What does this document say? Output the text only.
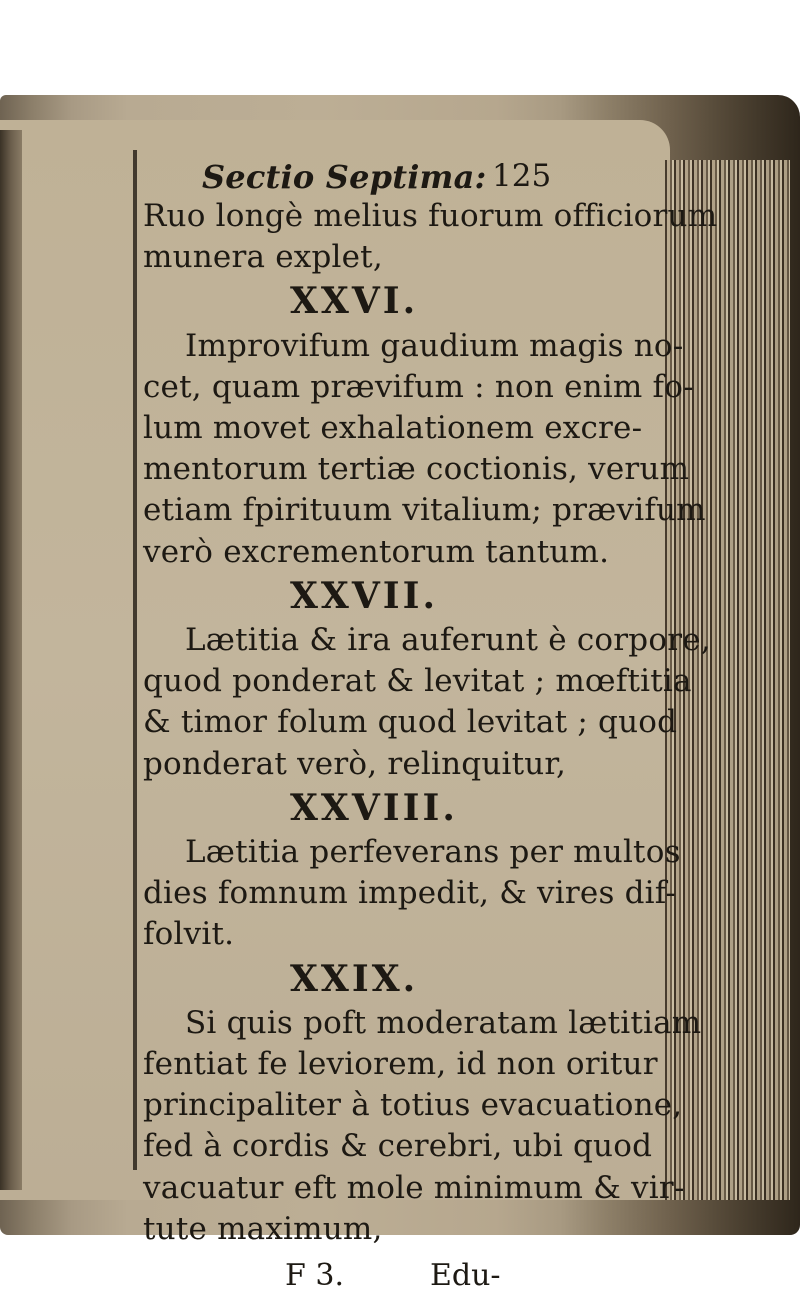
Sectio Septima: 125
Ruo longè melius fuorum officiorum
munera explet,
XXVI.
Improvifum gaudium magis no-
cet, quam prævifum : non enim fo-
lum movet exhalationem excre-
mentorum tertiæ coctionis, verum
etiam fpirituum vitalium; prævifum
verò excrementorum tantum.
XXVII.
Lætitia & ira auferunt è corpore,
quod ponderat & levitat ; mœftitia
& timor folum quod levitat ; quod
ponderat verò, relinquitur,
XXVIII.
Lætitia perfeverans per multos
dies fomnum impedit, & vires dif-
folvit.
XXIX.
Si quis poft moderatam lætitiam
fentiat fe leviorem, id non oritur
principaliter à totius evacuatione,
fed à cordis & cerebri, ubi quod
vacuatur eft mole minimum & vir-
tute maximum,
F 3.	Edu-
